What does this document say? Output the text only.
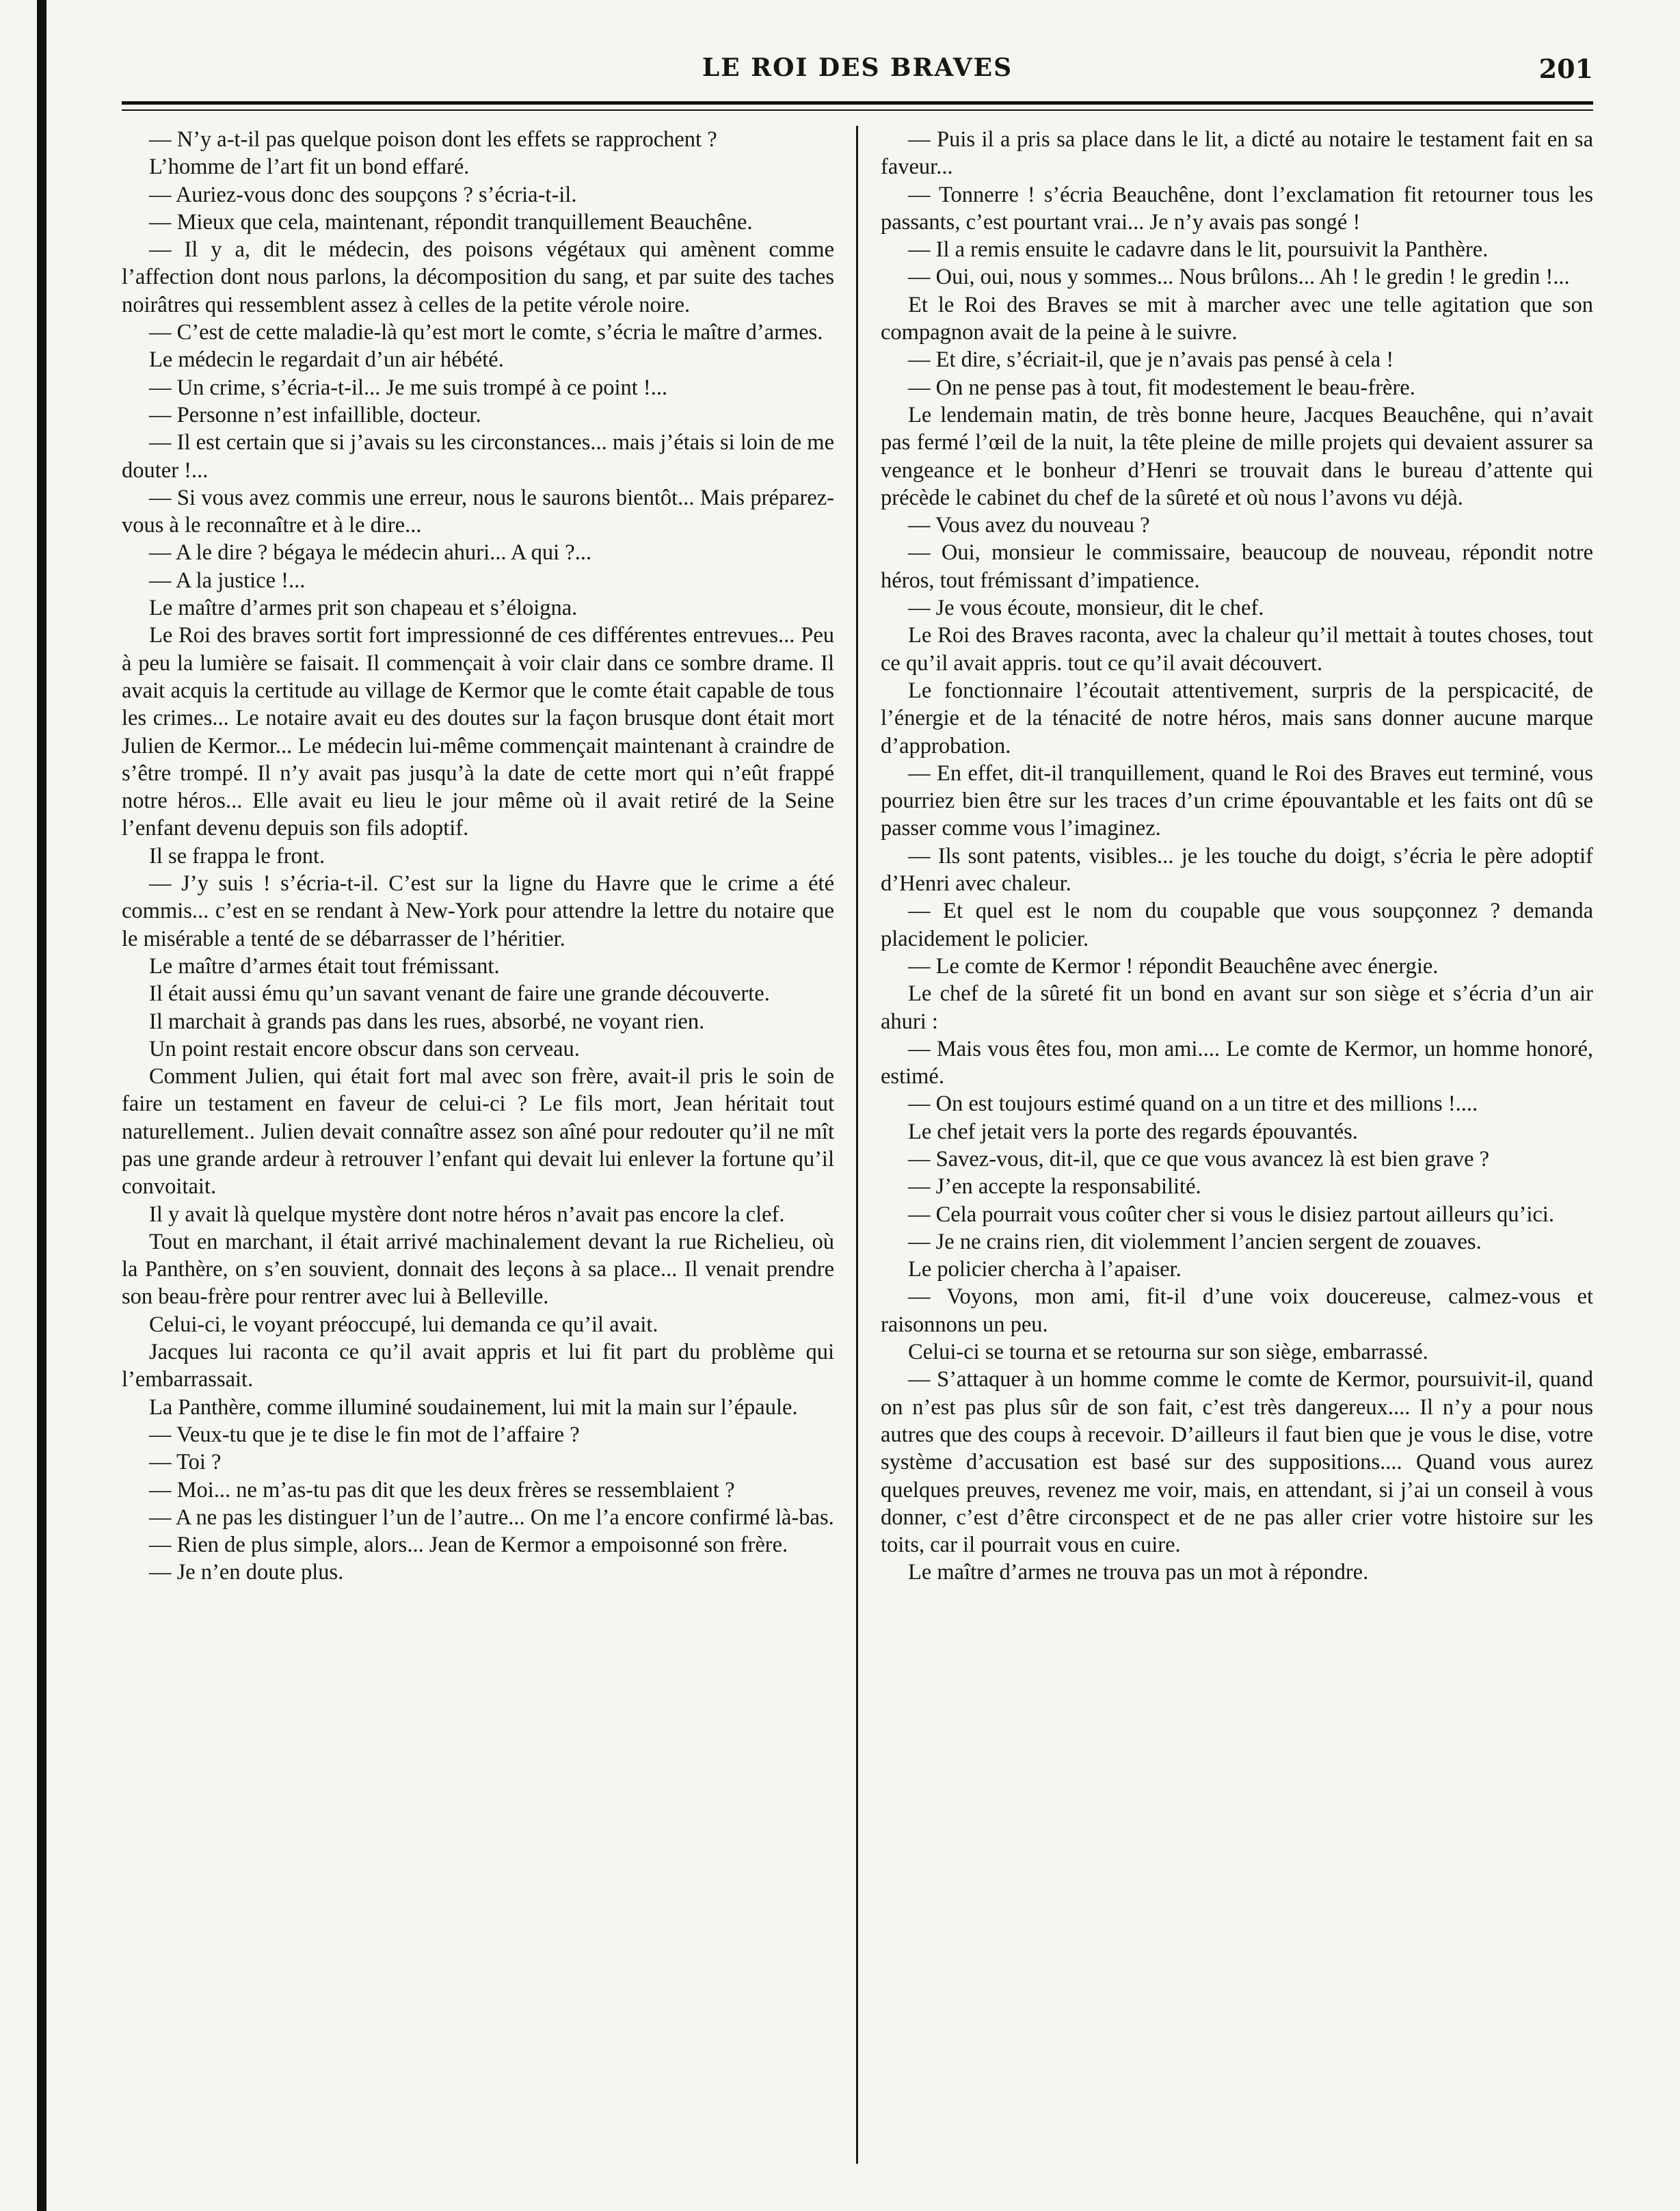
LE ROI DES BRAVES	201

— N’y a-t-il pas quelque poison dont les effets se rapprochent ?

L’homme de l’art fit un bond effaré.

— Auriez-vous donc des soupçons ? s’écria-t-il.

— Mieux que cela, maintenant, répondit tranquillement Beauchêne.

— Il y a, dit le médecin, des poisons végétaux qui amènent comme l’affection dont nous parlons, la décomposition du sang, et par suite des taches noirâtres qui ressemblent assez à celles de la petite vérole noire.

— C’est de cette maladie-là qu’est mort le comte, s’écria le maître d’armes.

Le médecin le regardait d’un air hébété.

— Un crime, s’écria-t-il... Je me suis trompé à ce point !...

— Personne n’est infaillible, docteur.

— Il est certain que si j’avais su les circonstances... mais j’étais si loin de me douter !...

— Si vous avez commis une erreur, nous le saurons bientôt... Mais préparez-vous à le reconnaître et à le dire...

— A le dire ? bégaya le médecin ahuri... A qui ?...

— A la justice !...

Le maître d’armes prit son chapeau et s’éloigna.

Le Roi des braves sortit fort impressionné de ces différentes entrevues... Peu à peu la lumière se faisait. Il commençait à voir clair dans ce sombre drame. Il avait acquis la certitude au village de Kermor que le comte était capable de tous les crimes... Le notaire avait eu des doutes sur la façon brusque dont était mort Julien de Kermor... Le médecin lui-même commençait maintenant à craindre de s’être trompé. Il n’y avait pas jusqu’à la date de cette mort qui n’eût frappé notre héros... Elle avait eu lieu le jour même où il avait retiré de la Seine l’enfant devenu depuis son fils adoptif.

Il se frappa le front.

— J’y suis ! s’écria-t-il. C’est sur la ligne du Havre que le crime a été commis... c’est en se rendant à New-York pour attendre la lettre du notaire que le misérable a tenté de se débarrasser de l’héritier.

Le maître d’armes était tout frémissant.

Il était aussi ému qu’un savant venant de faire une grande découverte.

Il marchait à grands pas dans les rues, absorbé, ne voyant rien.

Un point restait encore obscur dans son cerveau.

Comment Julien, qui était fort mal avec son frère, avait-il pris le soin de faire un testament en faveur de celui-ci ? Le fils mort, Jean héritait tout naturellement.. Julien devait connaître assez son aîné pour redouter qu’il ne mît pas une grande ardeur à retrouver l’enfant qui devait lui enlever la fortune qu’il convoitait.

Il y avait là quelque mystère dont notre héros n’avait pas encore la clef.

Tout en marchant, il était arrivé machinalement devant la rue Richelieu, où la Panthère, on s’en souvient, donnait des leçons à sa place... Il venait prendre son beau-frère pour rentrer avec lui à Belleville.

Celui-ci, le voyant préoccupé, lui demanda ce qu’il avait.

Jacques lui raconta ce qu’il avait appris et lui fit part du problème qui l’embarrassait.

La Panthère, comme illuminé soudainement, lui mit la main sur l’épaule.

— Veux-tu que je te dise le fin mot de l’affaire ?

— Toi ?

— Moi... ne m’as-tu pas dit que les deux frères se ressemblaient ?

— A ne pas les distinguer l’un de l’autre... On me l’a encore confirmé là-bas.

— Rien de plus simple, alors... Jean de Kermor a empoisonné son frère.

— Je n’en doute plus.

— Puis il a pris sa place dans le lit, a dicté au notaire le testament fait en sa faveur...

— Tonnerre ! s’écria Beauchêne, dont l’exclamation fit retourner tous les passants, c’est pourtant vrai... Je n’y avais pas songé !

— Il a remis ensuite le cadavre dans le lit, poursuivit la Panthère.

— Oui, oui, nous y sommes... Nous brûlons... Ah ! le gredin ! le gredin !...

Et le Roi des Braves se mit à marcher avec une telle agitation que son compagnon avait de la peine à le suivre.

— Et dire, s’écriait-il, que je n’avais pas pensé à cela !

— On ne pense pas à tout, fit modestement le beau-frère.

Le lendemain matin, de très bonne heure, Jacques Beauchêne, qui n’avait pas fermé l’œil de la nuit, la tête pleine de mille projets qui devaient assurer sa vengeance et le bonheur d’Henri se trouvait dans le bureau d’attente qui précède le cabinet du chef de la sûreté et où nous l’avons vu déjà.

— Vous avez du nouveau ?

— Oui, monsieur le commissaire, beaucoup de nouveau, répondit notre héros, tout frémissant d’impatience.

— Je vous écoute, monsieur, dit le chef.

Le Roi des Braves raconta, avec la chaleur qu’il mettait à toutes choses, tout ce qu’il avait appris. tout ce qu’il avait découvert.

Le fonctionnaire l’écoutait attentivement, surpris de la perspicacité, de l’énergie et de la ténacité de notre héros, mais sans donner aucune marque d’approbation.

— En effet, dit-il tranquillement, quand le Roi des Braves eut terminé, vous pourriez bien être sur les traces d’un crime épouvantable et les faits ont dû se passer comme vous l’imaginez.

— Ils sont patents, visibles... je les touche du doigt, s’écria le père adoptif d’Henri avec chaleur.

— Et quel est le nom du coupable que vous soupçonnez ? demanda placidement le policier.

— Le comte de Kermor ! répondit Beauchêne avec énergie.

Le chef de la sûreté fit un bond en avant sur son siège et s’écria d’un air ahuri :

— Mais vous êtes fou, mon ami.... Le comte de Kermor, un homme honoré, estimé.

— On est toujours estimé quand on a un titre et des millions !....

Le chef jetait vers la porte des regards épouvantés.

— Savez-vous, dit-il, que ce que vous avancez là est bien grave ?

— J’en accepte la responsabilité.

— Cela pourrait vous coûter cher si vous le disiez partout ailleurs qu’ici.

— Je ne crains rien, dit violemment l’ancien sergent de zouaves.

Le policier chercha à l’apaiser.

— Voyons, mon ami, fit-il d’une voix doucereuse, calmez-vous et raisonnons un peu.

Celui-ci se tourna et se retourna sur son siège, embarrassé.

— S’attaquer à un homme comme le comte de Kermor, poursuivit-il, quand on n’est pas plus sûr de son fait, c’est très dangereux.... Il n’y a pour nous autres que des coups à recevoir. D’ailleurs il faut bien que je vous le dise, votre système d’accusation est basé sur des suppositions.... Quand vous aurez quelques preuves, revenez me voir, mais, en attendant, si j’ai un conseil à vous donner, c’est d’être circonspect et de ne pas aller crier votre histoire sur les toits, car il pourrait vous en cuire.

Le maître d’armes ne trouva pas un mot à répondre.
